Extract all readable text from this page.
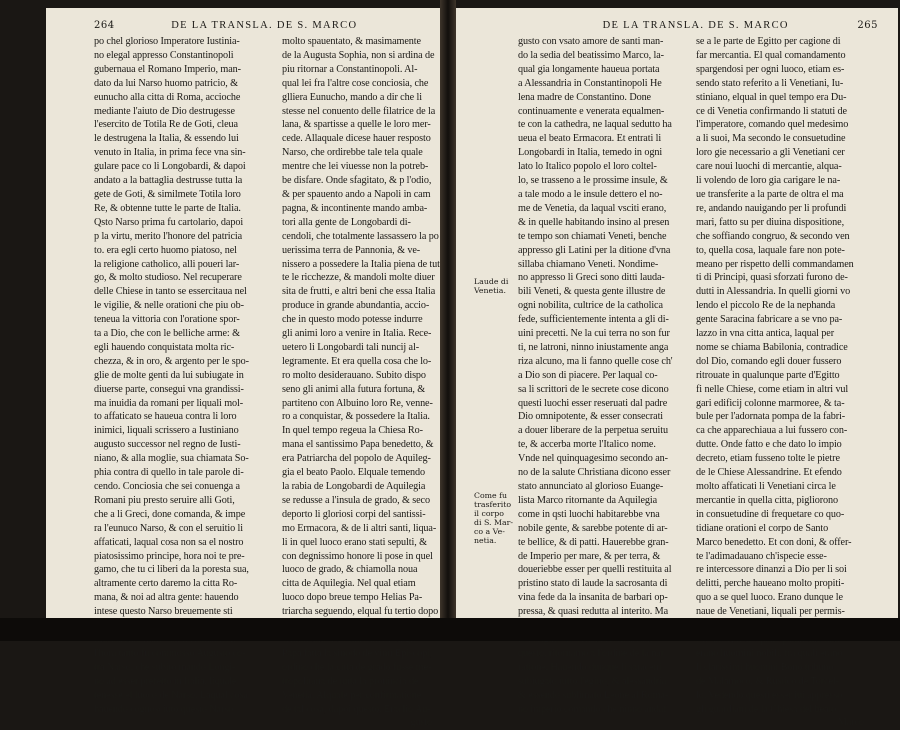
264	DE LA TRANSLA. DE S. MARCO
po chel glorioso Imperatore Iustinia-
no elegal appresso Constantinopoli
gubernaua el Romano Imperio, man-
dato da lui Narso huomo patricio, &
eunucho alla citta di Roma, accioche
mediante l'aiuto de Dio destrugesse
l'esercito de Totila Re de Goti, cleua
le destrugena la Italia, & essendo lui
venuto in Italia, in prima fece vna sin-
gulare pace co li Longobardi, & dapoi
andato a la battaglia destrusse tutta la
gete de Goti, & similmete Totila loro
Re, & obtenne tutte le parte de Italia.
Qsto Narso prima fu cartolario, dapoi
p la virtu, merito l'honore del patricia
to. era egli certo huomo piatoso, nel
la religione catholico, alli poueri lar-
go, & molto studioso. Nel recuperare
delle Chiese in tanto se essercitaua nel
le vigilie, & nelle orationi che piu ob-
teneua la vittoria con l'oratione spor-
ta a Dio, che con le belliche arme: &
egli hauendo conquistata molta ric-
chezza, & in oro, & argento per le spo-
glie de molte genti da lui subiugate in
diuerse parte, consegui vna grandissi-
ma inuidia da romani per liquali mol-
to affaticato se haueua contra li loro
inimici, liquali scrissero a Iustiniano
augusto successor nel regno de Iusti-
niano, & alla moglie, sua chiamata So-
phia contra di quello in tale parole di-
cendo. Conciosia che sei conuenga a
Romani piu presto seruire alli Goti,
che a li Greci, done comanda, & impe
ra l'eunuco Narso, & con el seruitio li
affaticati, laqual cosa non sa el nostro
piatosissimo principe, hora noi te pre-
gamo, che tu ci liberi da la poresta sua,
altramente certo daremo la citta Ro-
mana, & noi ad altra gente: hauendo
intese questo Narso breuemente sti
l'hora tanto fu commosso Augusto co-
tra Narso, che subito mando Longi-
no ad esser prefetto in Italia, liquale
tenesse el luoco de Narso. Laqual cosa
hauendo cognosciuto questo Narso
molto spauentato, & masimamente
de la Augusta Sophia, non si ardina de
piu ritornar a Constantinopoli. Al-
qual lei fra l'altre cose conciosia, che
glliera Eunucho, mando a dir che li
stesse nel conuento delle filatrice de la
lana, & spartisse a quelle le loro mer-
cede. Allaquale dicese hauer resposto
Narso, che ordirebbe tale tela quale
mentre che lei viuesse non la potreb-
be disfare. Onde sfagitato, & p l'odio,
& per spauento ando a Napoli in cam
pagna, & incontinente mando amba-
tori alla gente de Longobardi di-
cendoli, che totalmente lassassero la po
uerissima terra de Pannonia, & ve-
nissero a possedere la Italia piena de tut
te le ricchezze, & mandoli molte diuer
sita de frutti, e altri beni che essa Italia
produce in grande abundantia, accio-
che in questo modo potesse indurre
gli animi loro a venire in Italia. Rece-
uetero li Longobardi tali nuncij al-
legramente. Et era quella cosa che lo-
ro molto desiderauano. Subito dispo
seno gli animi alla futura fortuna, &
partiteno con Albuino loro Re, venne-
ro a conquistar, & possedere la Italia.
In quel tempo regeua la Chiesa Ro-
mana el santissimo Papa benedetto, &
era Patriarcha del popolo de Aquileg-
gia el beato Paolo. Elquale temendo
la rabia de Longobardi de Aquilegia
se redusse a l'insula de grado, & seco
deporto li gloriosi corpi del santissi-
mo Ermacora, & de li altri santi, liqua-
li in quel luoco erano stati sepulti, &
con degnissimo honore li pose in quel
luoco de grado, & chiamolla noua
citta de Aquilegia. Nel qual etiam
luoco dopo breue tempo Helias Pa-
triarcha seguendo, elqual fu tertio dopo
Papa fatta la sinodo de vinti Episcopi,
ordino che la citta de grado fusse me-
tropolitana de tutta la prouincia de
Venetia. Alquale per confirmatione
de tal cosa, dapoi questo, Eraclio Au-
gusto
DE LA TRANSLA. DE S. MARCO	265
Laude di
Venetia.
Come fu
trasferito
il corpo
di S. Mar-
co a Ve-
netia.
gusto con vsato amore de santi man-
do la sedia del beatissimo Marco, la-
qual gia longamente haueua portata
a Alessandria in Constantinopoli He
lena madre de Constantino. Done
continuamente e venerata equalmen-
te con la cathedra, ne laqual sedutto ha
ueua el beato Ermacora. Et entrati li
Longobardi in Italia, temedo in ogni
lato lo Italico popolo el loro coltel-
lo, se trasseno a le prossime insule, &
a tale modo a le insule dettero el no-
me de Venetia, da laqual vsciti erano,
& in quelle habitando insino al presen
te tempo son chiamati Veneti, benche
appresso gli Latini per la ditione d'vna
sillaba chiamano Veneti. Nondime-
no appresso li Greci sono ditti lauda-
bili Veneti, & questa gente illustre de
ogni nobilita, cultrice de la catholica
fede, sufficientemente intenta a gli di-
uini precetti. Ne la cui terra no son fur
ti, ne latroni, ninno iniustamente anga
riza alcuno, ma li fanno quelle cose ch'
a Dio son di piacere. Per laqual co-
sa li scrittori de le secrete cose dicono
questi luochi esser reseruati dal padre
Dio omnipotente, & esser consecrati
a douer liberare de la perpetua seruitu
te, & accerba morte l'Italico nome.
Vnde nel quinquagesimo secondo an-
no de la salute Christiana dicono esser
stato annunciato al glorioso Euange-
lista Marco ritornante da Aquilegia
come in qsti luochi habitarebbe vna
nobile gente, & sarebbe potente di ar-
te bellice, & di patti. Hauerebbe gran-
de Imperio per mare, & per terra, &
doueriebbe esser per quelli restituita al
pristino stato di laude la sacrosanta di
vina fede da la insanita de barbari op-
pressa, & quasi redutta al interito. Ma
questo, ritornamo a l'ordine de la nar
ratione. Hauendo dunque li saraceni
subiugato tutto l'egitto, & alessandria
& essendo sublimato Leone al Roma-
no imperio comando che ninno andaf
se a le parte de Egitto per cagione di
far mercantia. El qual comandamento
spargendosi per ogni luoco, etiam es-
sendo stato referito a li Venetiani, Iu-
stiniano, elqual in quel tempo era Du-
ce di Venetia confirmando li statuti de
l'imperatore, comando quel medesimo
a li suoi, Ma secondo le consuetudine
loro gie necessario a gli Venetiani cer
care noui luochi di mercantie, alqua-
li volendo de loro gia carigare le na-
ue transferite a la parte de oltra el ma
re, andando nauigando per li profundi
mari, fatto su per diuina dispositione,
che soffiando congruo, & secondo ven
to, quella cosa, laquale fare non pote-
meano per rispetto delli commandamen
ti di Principi, quasi sforzati furono de-
dutti in Alessandria. In quelli giorni vo
lendo el piccolo Re de la nephanda
gente Saracina fabricare a se vno pa-
lazzo in vna citta antica, laqual per
nome se chiama Babilonia, contradice
dol Dio, comando egli douer fussero
ritrouate in qualunque parte d'Egitto
fi nelle Chiese, come etiam in altri vul
gari edificij colonne marmoree, & ta-
bule per l'adornata pompa de la fabri-
ca che apparechiaua a lui fussero con-
dutte. Onde fatto e che dato lo impio
decreto, etiam fusseno tolte le pietre
de le Chiese Alessandrine. Et efendo
molto affaticati li Venetiani circa le
mercantie in quella citta, pigliorono
in consuetudine di frequetare co quo-
tidiane orationi el corpo de Santo
Marco benedetto. Et con doni, & offer-
te l'adimadauano ch'ispecie esse-
re intercessore dinanzi a Dio per li soi
delitti, perche haueano molto propiti-
quo a se quel luoco. Erano dunque le
naue de Venetiani, liquali per permis-
erano huomini nobili, fra quali erano
li clarissimi huomini Bono tribuno
de Malamoco, & Rustico de Torcel-
lo. Vedendo questi esser iui appresso
gli guardiani de la Chiesa del beato
Marco
